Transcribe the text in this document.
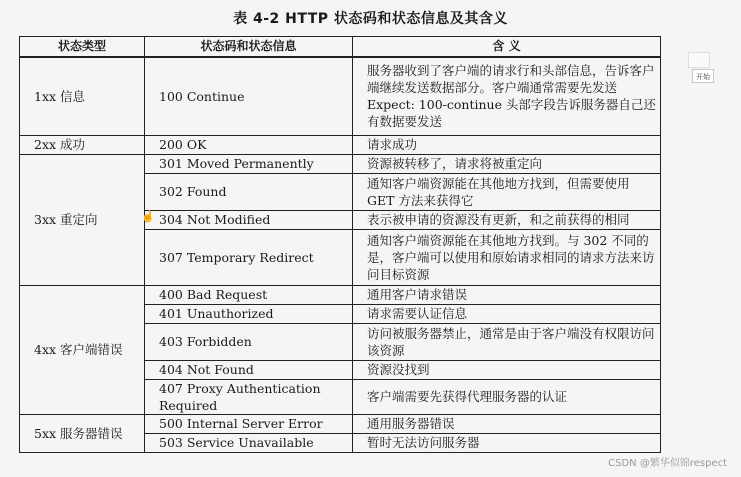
表 4-2 HTTP 状态码和状态信息及其含义
状态类型	状态码和状态信息	含 义
1xx 信息	100 Continue	服务器收到了客户端的请求行和头部信息，告诉客户端继续发送数据部分。客户端通常需要先发送 Expect: 100-continue 头部字段告诉服务器自己还有数据要发送
2xx 成功	200 OK	请求成功
3xx 重定向	301 Moved Permanently	资源被转移了，请求将被重定向
	302 Found	通知客户端资源能在其他地方找到，但需要使用 GET 方法来获得它
	304 Not Modified	表示被申请的资源没有更新，和之前获得的相同
	307 Temporary Redirect	通知客户端资源能在其他地方找到。与 302 不同的是，客户端可以使用和原始请求相同的请求方法来访问目标资源
4xx 客户端错误	400 Bad Request	通用客户请求错误
	401 Unauthorized	请求需要认证信息
	403 Forbidden	访问被服务器禁止，通常是由于客户端没有权限访问该资源
	404 Not Found	资源没找到
	407 Proxy Authentication Required	客户端需要先获得代理服务器的认证
5xx 服务器错误	500 Internal Server Error	通用服务器错误
	503 Service Unavailable	暂时无法访问服务器
开始
☝
CSDN @繁华似锦respect
